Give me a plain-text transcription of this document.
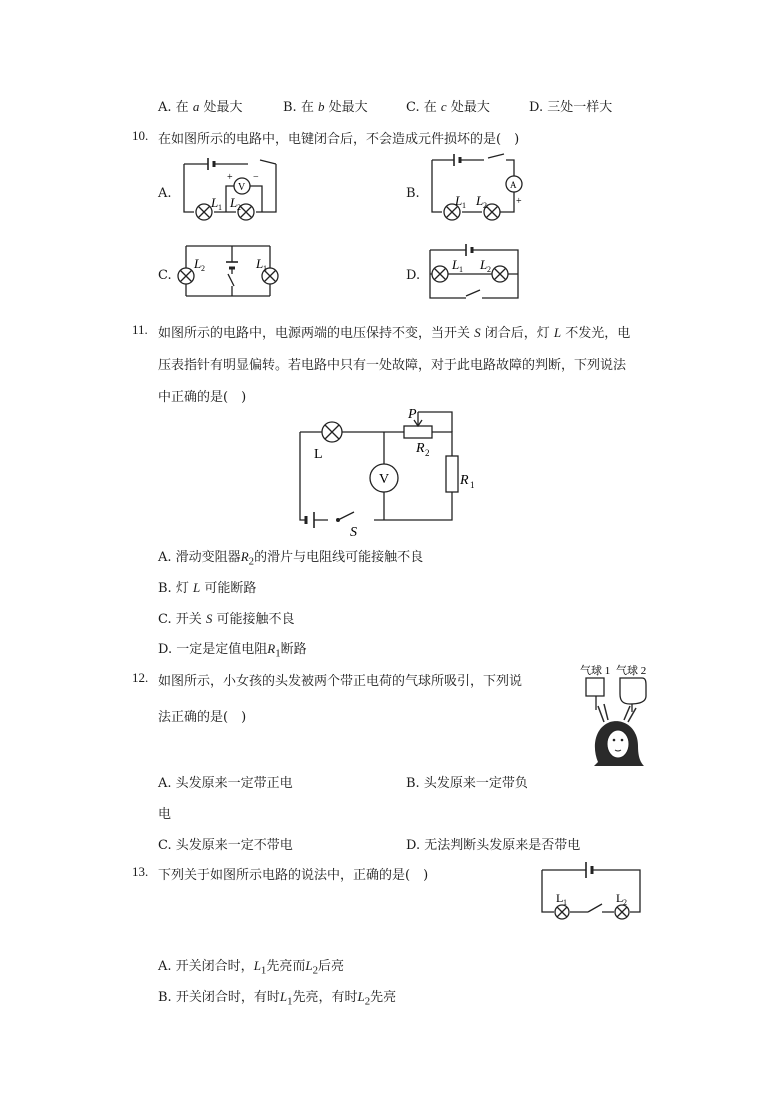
A. 在 a 处最大	B. 在 b 处最大	C. 在 c 处最大	D. 三处一样大
10. 在如图所示的电路中，电键闭合后，不会造成元件损坏的是(　)
A.	V
+ −
L 1 L 2
B.
A
+
L 1 L 2
C.
L 2	L 1	D.
L 1 L 2
11. 如图所示的电路中，电源两端的电压保持不变，当开关 S 闭合后，灯 L 不发光，电
压表指针有明显偏转。若电路中只有一处故障，对于此电路故障的判断，下列说法
中正确的是(　)
V
P
R 2
R 1
L
S
A. 滑动变阻器$R_2$的滑片与电阻线可能接触不良
B. 灯 L 可能断路
C. 开关 S 可能接触不良
D. 一定是定值电阻$R_1$断路
12. 如图所示，小女孩的头发被两个带正电荷的气球所吸引，下列说
法正确的是(　)
气球 1 气球 2
A. 头发原来一定带正电	B. 头发原来一定带负
电
C. 头发原来一定不带电	D. 无法判断头发原来是否带电
13. 下列关于如图所示电路的说法中，正确的是(　)
L 1	L 2
A. 开关闭合时，$L_1$先亮而$L_2$后亮
B. 开关闭合时，有时$L_1$先亮，有时$L_2$先亮
